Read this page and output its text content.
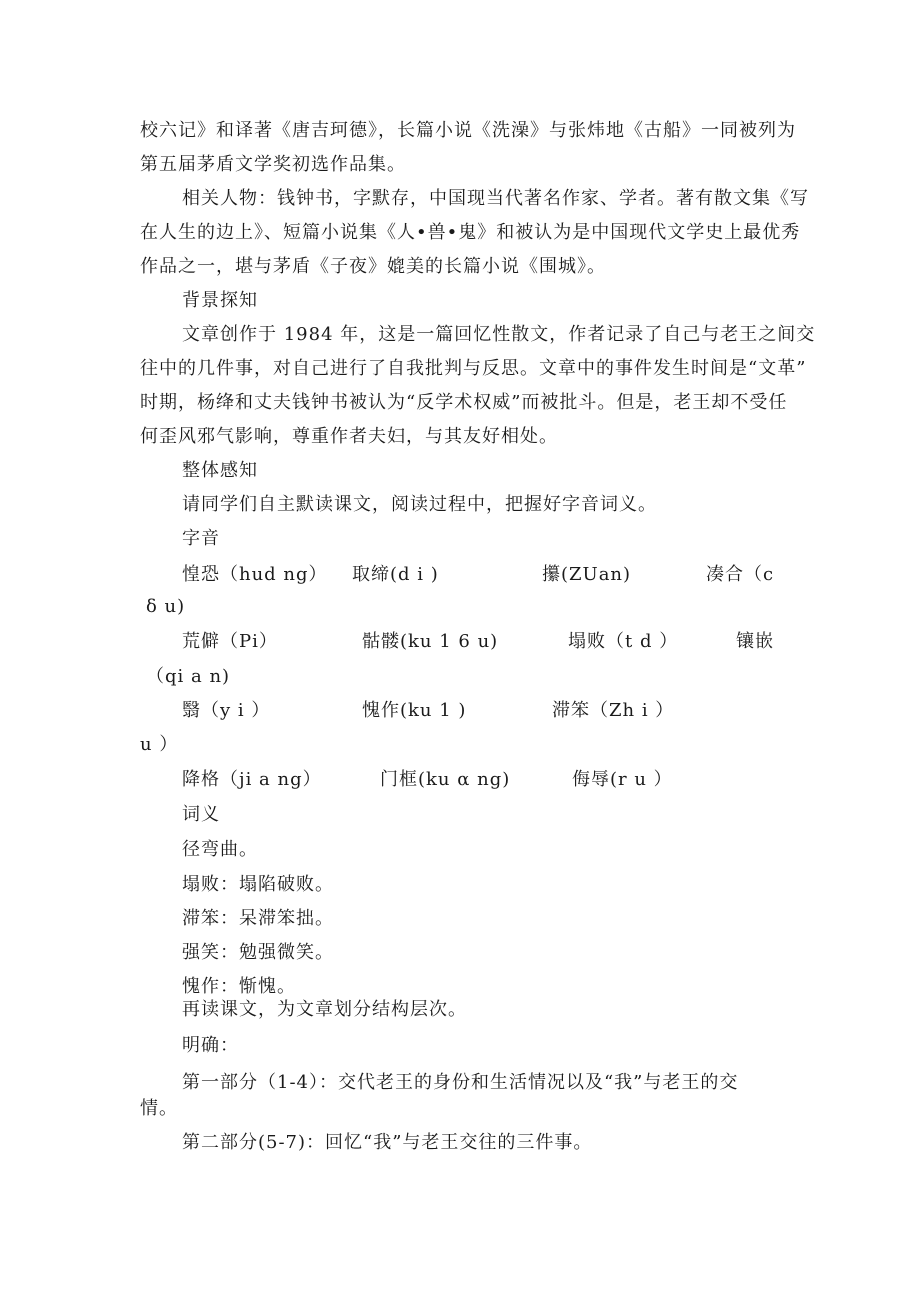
校六记》和译著《唐吉珂德》，长篇小说《洗澡》与张炜地《古船》一同被列为
第五届茅盾文学奖初选作品集。
相关人物：钱钟书，字默存，中国现当代著名作家、学者。著有散文集《写
在人生的边上》、短篇小说集《人•兽•鬼》和被认为是中国现代文学史上最优秀
作品之一，堪与茅盾《子夜》媲美的长篇小说《围城》。
背景探知
文章创作于 1984 年，这是一篇回忆性散文，作者记录了自己与老王之间交
往中的几件事，对自己进行了自我批判与反思。文章中的事件发生时间是“文革”
时期，杨绛和丈夫钱钟书被认为“反学术权威”而被批斗。但是，老王却不受任
何歪风邪气影响，尊重作者夫妇，与其友好相处。
整体感知
请同学们自主默读课文，阅读过程中，把握好字音词义。
字音
惶恐（hud ng） 取缔(d i )	攥(ZUan)	凑合（c
δ u)
荒僻（Pi）	骷髅(ku 1 6 u)	塌败（t d ）	镶嵌
（qi a n)
翳（y i ）	愧作(ku 1 )	滞笨（Zh i ）
u ）
降格（ji a ng）	门框(ku α ng)	侮辱(r u ）
词义
径弯曲。
塌败：塌陷破败。
滞笨：呆滞笨拙。
强笑：勉强微笑。
愧作：惭愧。
再读课文，为文章划分结构层次。
明确：
第一部分（1-4）：交代老王的身份和生活情况以及“我”与老王的交
情。
第二部分(5-7)：回忆“我”与老王交往的三件事。
